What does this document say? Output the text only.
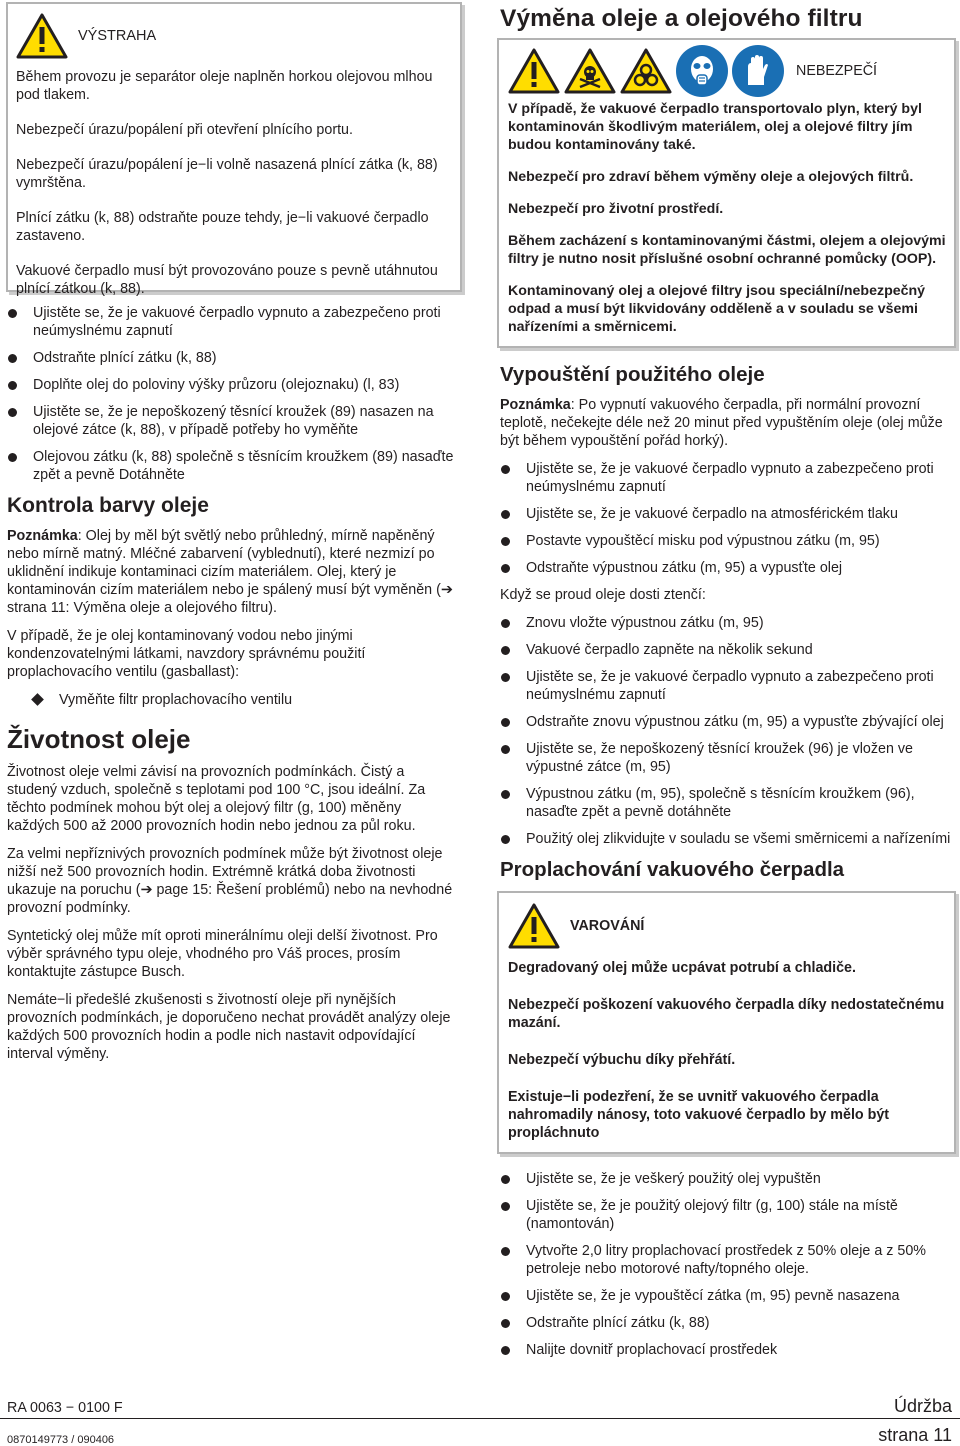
VÝSTRAHA

Během provozu je separátor oleje naplněn horkou olejovou mlhou pod tlakem.

Nebezpečí úrazu/popálení při otevření plnícího portu.

Nebezpečí úrazu/popálení je−li volně nasazená plnící zátka (k, 88) vymrštěna.

Plnící zátku (k, 88) odstraňte pouze tehdy, je−li vakuové čerpadlo zastaveno.

Vakuové čerpadlo musí být provozováno pouze s pevně utáhnutou plnící zátkou (k, 88).

Ujistěte se, že je vakuové čerpadlo vypnuto a zabezpečeno proti neúmyslnému zapnutí
Odstraňte plnící zátku (k, 88)
Doplňte olej do poloviny výšky průzoru (olejoznaku) (l, 83)
Ujistěte se, že je nepoškozený těsnící kroužek (89) nasazen na olejové zátce (k, 88), v případě potřeby ho vyměňte
Olejovou zátku (k, 88) společně s těsnícím kroužkem (89) nasaďte zpět a pevně Dotáhněte
Kontrola barvy oleje

Poznámka: Olej by měl být světlý nebo průhledný, mírně napěněný nebo mírně matný. Mléčné zabarvení (vyblednutí), které nezmizí po uklidnění indikuje kontaminaci cizím materiálem. Olej, který je kontaminován cizím materiálem nebo je spálený musí být vyměněn (➔ strana 11: Výměna oleje a olejového filtru).

V případě, že je olej kontaminovaný vodou nebo jinými kondenzovatelnými látkami, navzdory správnému použití proplachovacího ventilu (gasballast):

Vyměňte filtr proplachovacího ventilu
Životnost oleje

Životnost oleje velmi závisí na provozních podmínkách. Čistý a studený vzduch, společně s teplotami pod 100 °C, jsou ideální. Za těchto podmínek mohou být olej a olejový filtr (g, 100) měněny každých 500 až 2000 provozních hodin nebo jednou za půl roku.

Za velmi nepříznivých provozních podmínek může být životnost oleje nižší než 500 provozních hodin. Extrémně krátká doba životnosti ukazuje na poruchu (➔ page 15: Řešení problémů) nebo na nevhodné provozní podmínky.

Syntetický olej může mít oproti minerálnímu oleji delší životnost. Pro výběr správného typu oleje, vhodného pro Váš proces, prosím kontaktujte zástupce Busch.

Nemáte−li předešlé zkušenosti s životností oleje při nynějších provozních podmínkách, je doporučeno nechat provádět analýzy oleje každých 500 provozních hodin a podle nich nastavit odpovídající interval výměny.

Výměna oleje a olejového filtru
NEBEZPEČÍ

V případě, že vakuové čerpadlo transportovalo plyn, který byl kontaminován škodlivým materiálem, olej a olejové filtry jím budou kontaminovány také.

Nebezpečí pro zdraví během výměny oleje a olejových filtrů.

Nebezpečí pro životní prostředí.

Během zacházení s kontaminovanými částmi, olejem a olejovými filtry je nutno nosit příslušné osobní ochranné pomůcky (OOP).

Kontaminovaný olej a olejové filtry jsou speciální/nebezpečný odpad a musí být likvidovány odděleně a v souladu se všemi nařízeními a směrnicemi.

Vypouštění použitého oleje

Poznámka: Po vypnutí vakuového čerpadla, při normální provozní teplotě, nečekejte déle než 20 minut před vypuštěním oleje (olej může být během vypouštění pořád horký).

Ujistěte se, že je vakuové čerpadlo vypnuto a zabezpečeno proti neúmyslnému zapnutí
Ujistěte se, že je vakuové čerpadlo na atmosférickém tlaku
Postavte vypouštěcí misku pod výpustnou zátku (m, 95)
Odstraňte výpustnou zátku (m, 95) a vypusťte olej

Když se proud oleje dosti ztenčí:

Znovu vložte výpustnou zátku (m, 95)
Vakuové čerpadlo zapněte na několik sekund
Ujistěte se, že je vakuové čerpadlo vypnuto a zabezpečeno proti neúmyslnému zapnutí
Odstraňte znovu výpustnou zátku (m, 95) a vypusťte zbývající olej
Ujistěte se, že nepoškozený těsnící kroužek (96) je vložen ve výpustné zátce (m, 95)
Výpustnou zátku (m, 95), společně s těsnícím kroužkem (96), nasaďte zpět a pevně dotáhněte
Použitý olej zlikvidujte v souladu se všemi směrnicemi a nařízeními
Proplachování vakuového čerpadla
VAROVÁNÍ

Degradovaný olej může ucpávat potrubí a chladiče.

Nebezpečí poškození vakuového čerpadla díky nedostatečnému mazání.

Nebezpečí výbuchu díky přehřátí.

Existuje−li podezření, že se uvnitř vakuového čerpadla nahromadily nánosy, toto vakuové čerpadlo by mělo být propláchnuto

Ujistěte se, že je veškerý použitý olej vypuštěn
Ujistěte se, že je použitý olejový filtr (g, 100) stále na místě (namontován)
Vytvořte 2,0 litry proplachovací prostředek z 50% oleje a z 50% petroleje nebo motorové nafty/topného oleje.
Ujistěte se, že je vypouštěcí zátka (m, 95) pevně nasazena
Odstraňte plnící zátku (k, 88)
Nalijte dovnitř proplachovací prostředek
RA 0063 − 0100 F
0870149773 / 090406
Údržba
strana 11
